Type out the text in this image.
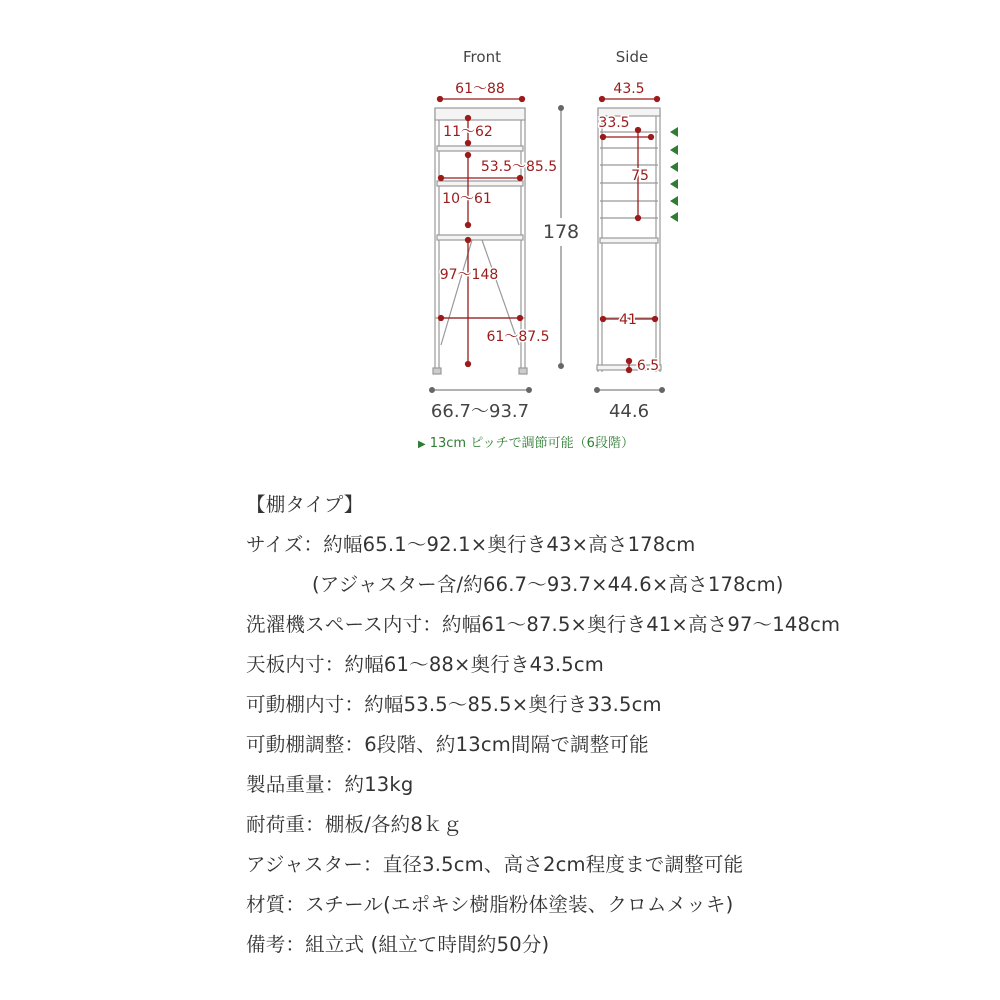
Front
61～88
11～62
53.5～85.5
10～61
97～148
61～87.5
178
66.7～93.7
Side
43.5
33.5
75
41
6.5
44.6
▶ 13cm ピッチで調節可能（6段階）
【棚タイプ】
サイズ：約幅65.1～92.1×奥行き43×高さ178cm
(アジャスター含/約66.7～93.7×44.6×高さ178cm)
洗濯機スペース内寸：約幅61～87.5×奥行き41×高さ97～148cm
天板内寸：約幅61～88×奥行き43.5cm
可動棚内寸：約幅53.5～85.5×奥行き33.5cm
可動棚調整：6段階、約13cm間隔で調整可能
製品重量：約13kg
耐荷重：棚板/各約8ｋｇ
アジャスター：直径3.5cm、高さ2cm程度まで調整可能
材質：スチール(エポキシ樹脂粉体塗装、クロムメッキ)
備考：組立式 (組立て時間約50分)
